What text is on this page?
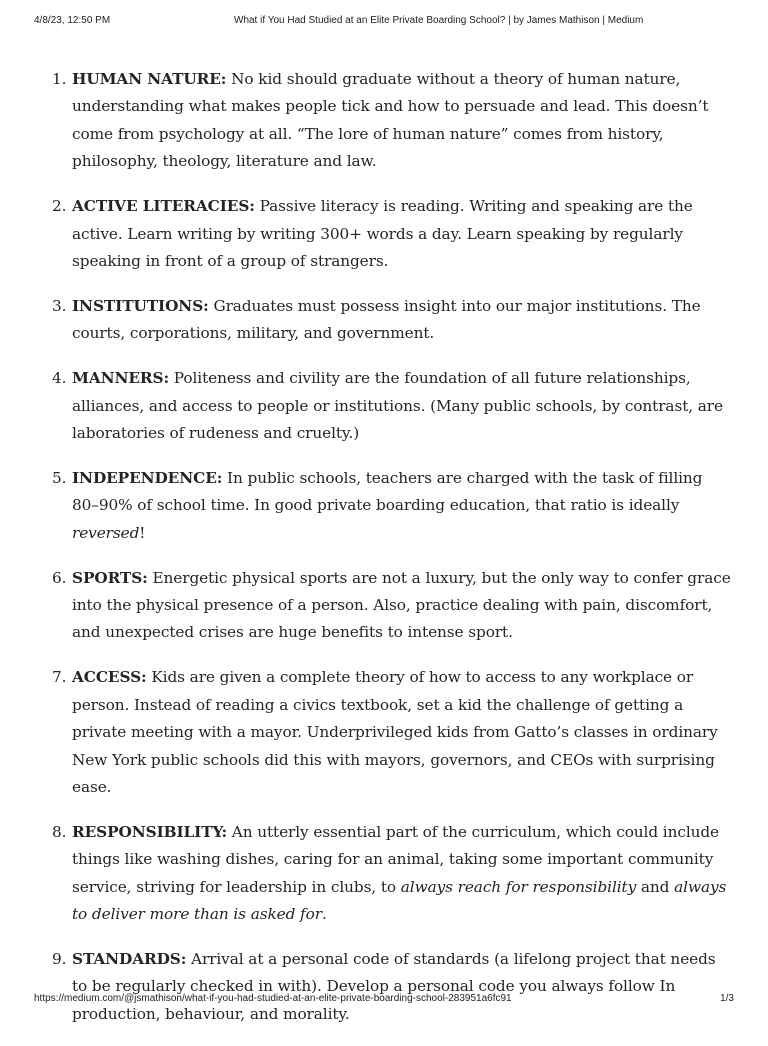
4/8/23, 12:50 PM	What if You Had Studied at an Elite Private Boarding School? | by James Mathison | Medium
1. HUMAN NATURE: No kid should graduate without a theory of human nature, understanding what makes people tick and how to persuade and lead. This doesn’t come from psychology at all. “The lore of human nature” comes from history, philosophy, theology, literature and law.
2. ACTIVE LITERACIES: Passive literacy is reading. Writing and speaking are the active. Learn writing by writing 300+ words a day. Learn speaking by regularly speaking in front of a group of strangers.
3. INSTITUTIONS: Graduates must possess insight into our major institutions. The courts, corporations, military, and government.
4. MANNERS: Politeness and civility are the foundation of all future relationships, alliances, and access to people or institutions. (Many public schools, by contrast, are laboratories of rudeness and cruelty.)
5. INDEPENDENCE: In public schools, teachers are charged with the task of filling 80–90% of school time. In good private boarding education, that ratio is ideally reversed!
6. SPORTS: Energetic physical sports are not a luxury, but the only way to confer grace into the physical presence of a person. Also, practice dealing with pain, discomfort, and unexpected crises are huge benefits to intense sport.
7. ACCESS: Kids are given a complete theory of how to access to any workplace or person. Instead of reading a civics textbook, set a kid the challenge of getting a private meeting with a mayor. Underprivileged kids from Gatto’s classes in ordinary New York public schools did this with mayors, governors, and CEOs with surprising ease.
8. RESPONSIBILITY: An utterly essential part of the curriculum, which could include things like washing dishes, caring for an animal, taking some important community service, striving for leadership in clubs, to always reach for responsibility and always to deliver more than is asked for.
9. STANDARDS: Arrival at a personal code of standards (a lifelong project that needs to be regularly checked in with). Develop a personal code you always follow In production, behaviour, and morality.
https://medium.com/@jsmathison/what-if-you-had-studied-at-an-elite-private-boarding-school-283951a6fc91	1/3
